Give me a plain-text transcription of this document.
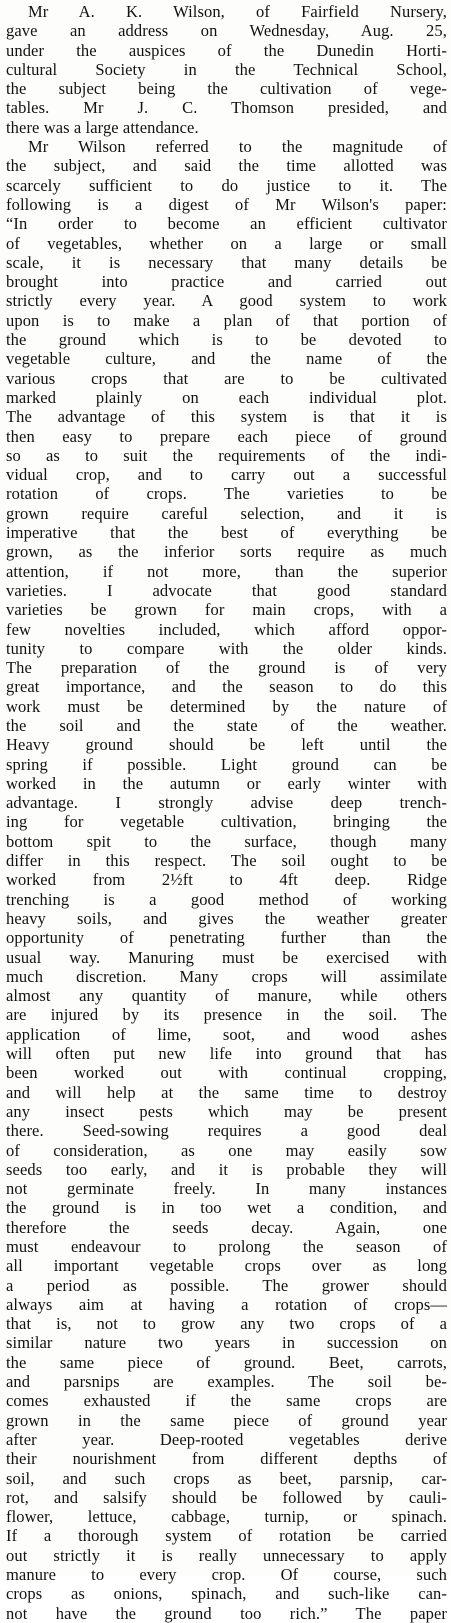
Mr A. K. Wilson, of Fairfield Nursery,
gave an address on Wednesday, Aug. 25,
under the auspices of the Dunedin Horti-
cultural Society in the Technical School,
the subject being the cultivation of vege-
tables. Mr J. C. Thomson presided, and
there was a large attendance.
Mr Wilson referred to the magnitude of
the subject, and said the time allotted was
scarcely sufficient to do justice to it. The
following is a digest of Mr Wilson's paper:
“In order to become an efficient cultivator
of vegetables, whether on a large or small
scale, it is necessary that many details be
brought into practice and carried out
strictly every year. A good system to work
upon is to make a plan of that portion of
the ground which is to be devoted to
vegetable culture, and the name of the
various crops that are to be cultivated
marked plainly on each individual plot.
The advantage of this system is that it is
then easy to prepare each piece of ground
so as to suit the requirements of the indi-
vidual crop, and to carry out a successful
rotation of crops. The varieties to be
grown require careful selection, and it is
imperative that the best of everything be
grown, as the inferior sorts require as much
attention, if not more, than the superior
varieties. I advocate that good standard
varieties be grown for main crops, with a
few novelties included, which afford oppor-
tunity to compare with the older kinds.
The preparation of the ground is of very
great importance, and the season to do this
work must be determined by the nature of
the soil and the state of the weather.
Heavy ground should be left until the
spring if possible. Light ground can be
worked in the autumn or early winter with
advantage. I strongly advise deep trench-
ing for vegetable cultivation, bringing the
bottom spit to the surface, though many
differ in this respect. The soil ought to be
worked from 2½ft to 4ft deep. Ridge
trenching is a good method of working
heavy soils, and gives the weather greater
opportunity of penetrating further than the
usual way. Manuring must be exercised with
much discretion. Many crops will assimilate
almost any quantity of manure, while others
are injured by its presence in the soil. The
application of lime, soot, and wood ashes
will often put new life into ground that has
been worked out with continual cropping,
and will help at the same time to destroy
any insect pests which may be present
there. Seed-sowing requires a good deal
of consideration, as one may easily sow
seeds too early, and it is probable they will
not germinate freely. In many instances
the ground is in too wet a condition, and
therefore the seeds decay. Again, one
must endeavour to prolong the season of
all important vegetable crops over as long
a period as possible. The grower should
always aim at having a rotation of crops—
that is, not to grow any two crops of a
similar nature two years in succession on
the same piece of ground. Beet, carrots,
and parsnips are examples. The soil be-
comes exhausted if the same crops are
grown in the same piece of ground year
after year. Deep-rooted vegetables derive
their nourishment from different depths of
soil, and such crops as beet, parsnip, car-
rot, and salsify should be followed by cauli-
flower, lettuce, cabbage, turnip, or spinach.
If a thorough system of rotation be carried
out strictly it is really unnecessary to apply
manure to every crop. Of course, such
crops as onions, spinach, and such-like can-
not have the ground too rich.” The paper
